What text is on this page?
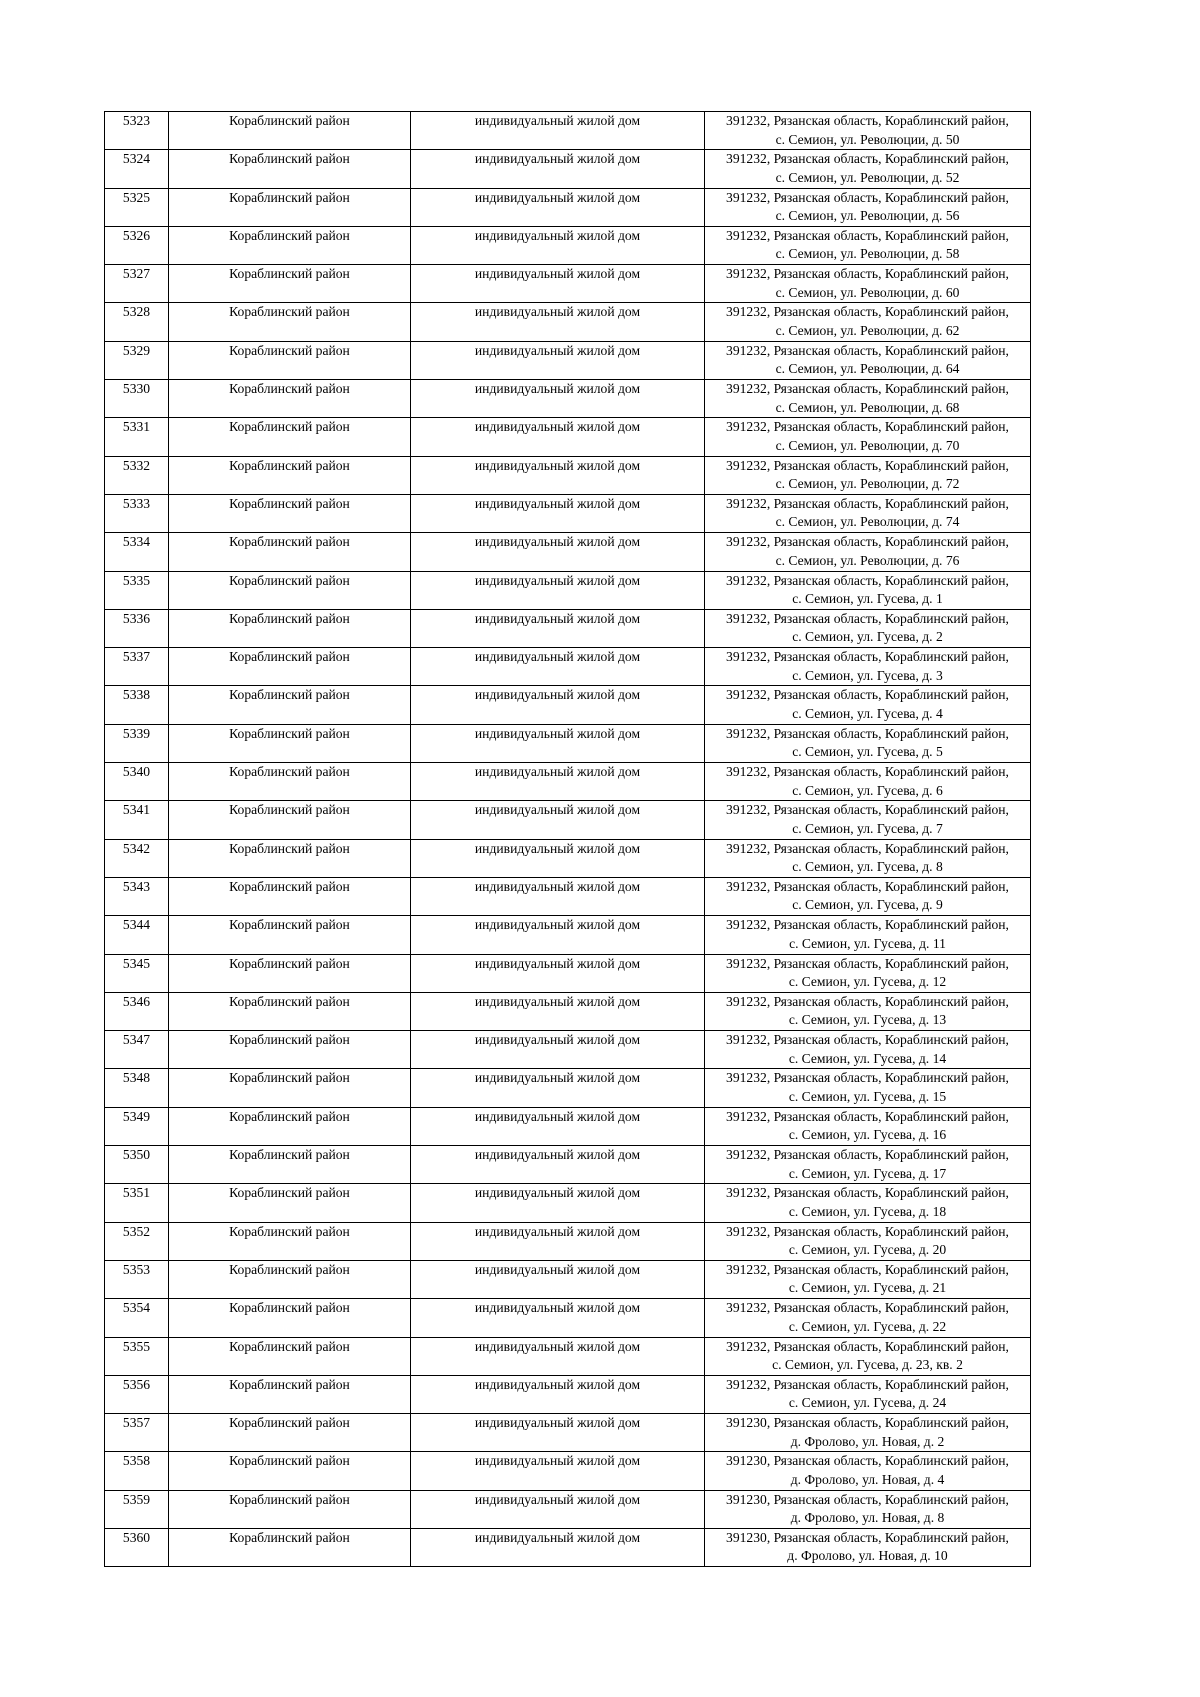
5323	Кораблинский район	индивидуальный жилой дом	391232, Рязанская область, Кораблинский район,
с. Семион, ул. Революции, д. 50

5324	Кораблинский район	индивидуальный жилой дом	391232, Рязанская область, Кораблинский район,
с. Семион, ул. Революции, д. 52

5325	Кораблинский район	индивидуальный жилой дом	391232, Рязанская область, Кораблинский район,
с. Семион, ул. Революции, д. 56

5326	Кораблинский район	индивидуальный жилой дом	391232, Рязанская область, Кораблинский район,
с. Семион, ул. Революции, д. 58

5327	Кораблинский район	индивидуальный жилой дом	391232, Рязанская область, Кораблинский район,
с. Семион, ул. Революции, д. 60

5328	Кораблинский район	индивидуальный жилой дом	391232, Рязанская область, Кораблинский район,
с. Семион, ул. Революции, д. 62

5329	Кораблинский район	индивидуальный жилой дом	391232, Рязанская область, Кораблинский район,
с. Семион, ул. Революции, д. 64

5330	Кораблинский район	индивидуальный жилой дом	391232, Рязанская область, Кораблинский район,
с. Семион, ул. Революции, д. 68

5331	Кораблинский район	индивидуальный жилой дом	391232, Рязанская область, Кораблинский район,
с. Семион, ул. Революции, д. 70

5332	Кораблинский район	индивидуальный жилой дом	391232, Рязанская область, Кораблинский район,
с. Семион, ул. Революции, д. 72

5333	Кораблинский район	индивидуальный жилой дом	391232, Рязанская область, Кораблинский район,
с. Семион, ул. Революции, д. 74

5334	Кораблинский район	индивидуальный жилой дом	391232, Рязанская область, Кораблинский район,
с. Семион, ул. Революции, д. 76

5335	Кораблинский район	индивидуальный жилой дом	391232, Рязанская область, Кораблинский район,
с. Семион, ул. Гусева, д. 1

5336	Кораблинский район	индивидуальный жилой дом	391232, Рязанская область, Кораблинский район,
с. Семион, ул. Гусева, д. 2

5337	Кораблинский район	индивидуальный жилой дом	391232, Рязанская область, Кораблинский район,
с. Семион, ул. Гусева, д. 3

5338	Кораблинский район	индивидуальный жилой дом	391232, Рязанская область, Кораблинский район,
с. Семион, ул. Гусева, д. 4

5339	Кораблинский район	индивидуальный жилой дом	391232, Рязанская область, Кораблинский район,
с. Семион, ул. Гусева, д. 5

5340	Кораблинский район	индивидуальный жилой дом	391232, Рязанская область, Кораблинский район,
с. Семион, ул. Гусева, д. 6

5341	Кораблинский район	индивидуальный жилой дом	391232, Рязанская область, Кораблинский район,
с. Семион, ул. Гусева, д. 7

5342	Кораблинский район	индивидуальный жилой дом	391232, Рязанская область, Кораблинский район,
с. Семион, ул. Гусева, д. 8

5343	Кораблинский район	индивидуальный жилой дом	391232, Рязанская область, Кораблинский район,
с. Семион, ул. Гусева, д. 9

5344	Кораблинский район	индивидуальный жилой дом	391232, Рязанская область, Кораблинский район,
с. Семион, ул. Гусева, д. 11

5345	Кораблинский район	индивидуальный жилой дом	391232, Рязанская область, Кораблинский район,
с. Семион, ул. Гусева, д. 12

5346	Кораблинский район	индивидуальный жилой дом	391232, Рязанская область, Кораблинский район,
с. Семион, ул. Гусева, д. 13

5347	Кораблинский район	индивидуальный жилой дом	391232, Рязанская область, Кораблинский район,
с. Семион, ул. Гусева, д. 14

5348	Кораблинский район	индивидуальный жилой дом	391232, Рязанская область, Кораблинский район,
с. Семион, ул. Гусева, д. 15

5349	Кораблинский район	индивидуальный жилой дом	391232, Рязанская область, Кораблинский район,
с. Семион, ул. Гусева, д. 16

5350	Кораблинский район	индивидуальный жилой дом	391232, Рязанская область, Кораблинский район,
с. Семион, ул. Гусева, д. 17

5351	Кораблинский район	индивидуальный жилой дом	391232, Рязанская область, Кораблинский район,
с. Семион, ул. Гусева, д. 18

5352	Кораблинский район	индивидуальный жилой дом	391232, Рязанская область, Кораблинский район,
с. Семион, ул. Гусева, д. 20

5353	Кораблинский район	индивидуальный жилой дом	391232, Рязанская область, Кораблинский район,
с. Семион, ул. Гусева, д. 21

5354	Кораблинский район	индивидуальный жилой дом	391232, Рязанская область, Кораблинский район,
с. Семион, ул. Гусева, д. 22

5355	Кораблинский район	индивидуальный жилой дом	391232, Рязанская область, Кораблинский район,
с. Семион, ул. Гусева, д. 23, кв. 2

5356	Кораблинский район	индивидуальный жилой дом	391232, Рязанская область, Кораблинский район,
с. Семион, ул. Гусева, д. 24

5357	Кораблинский район	индивидуальный жилой дом	391230, Рязанская область, Кораблинский район,
д. Фролово, ул. Новая, д. 2

5358	Кораблинский район	индивидуальный жилой дом	391230, Рязанская область, Кораблинский район,
д. Фролово, ул. Новая, д. 4

5359	Кораблинский район	индивидуальный жилой дом	391230, Рязанская область, Кораблинский район,
д. Фролово, ул. Новая, д. 8

5360	Кораблинский район	индивидуальный жилой дом	391230, Рязанская область, Кораблинский район,
д. Фролово, ул. Новая, д. 10
